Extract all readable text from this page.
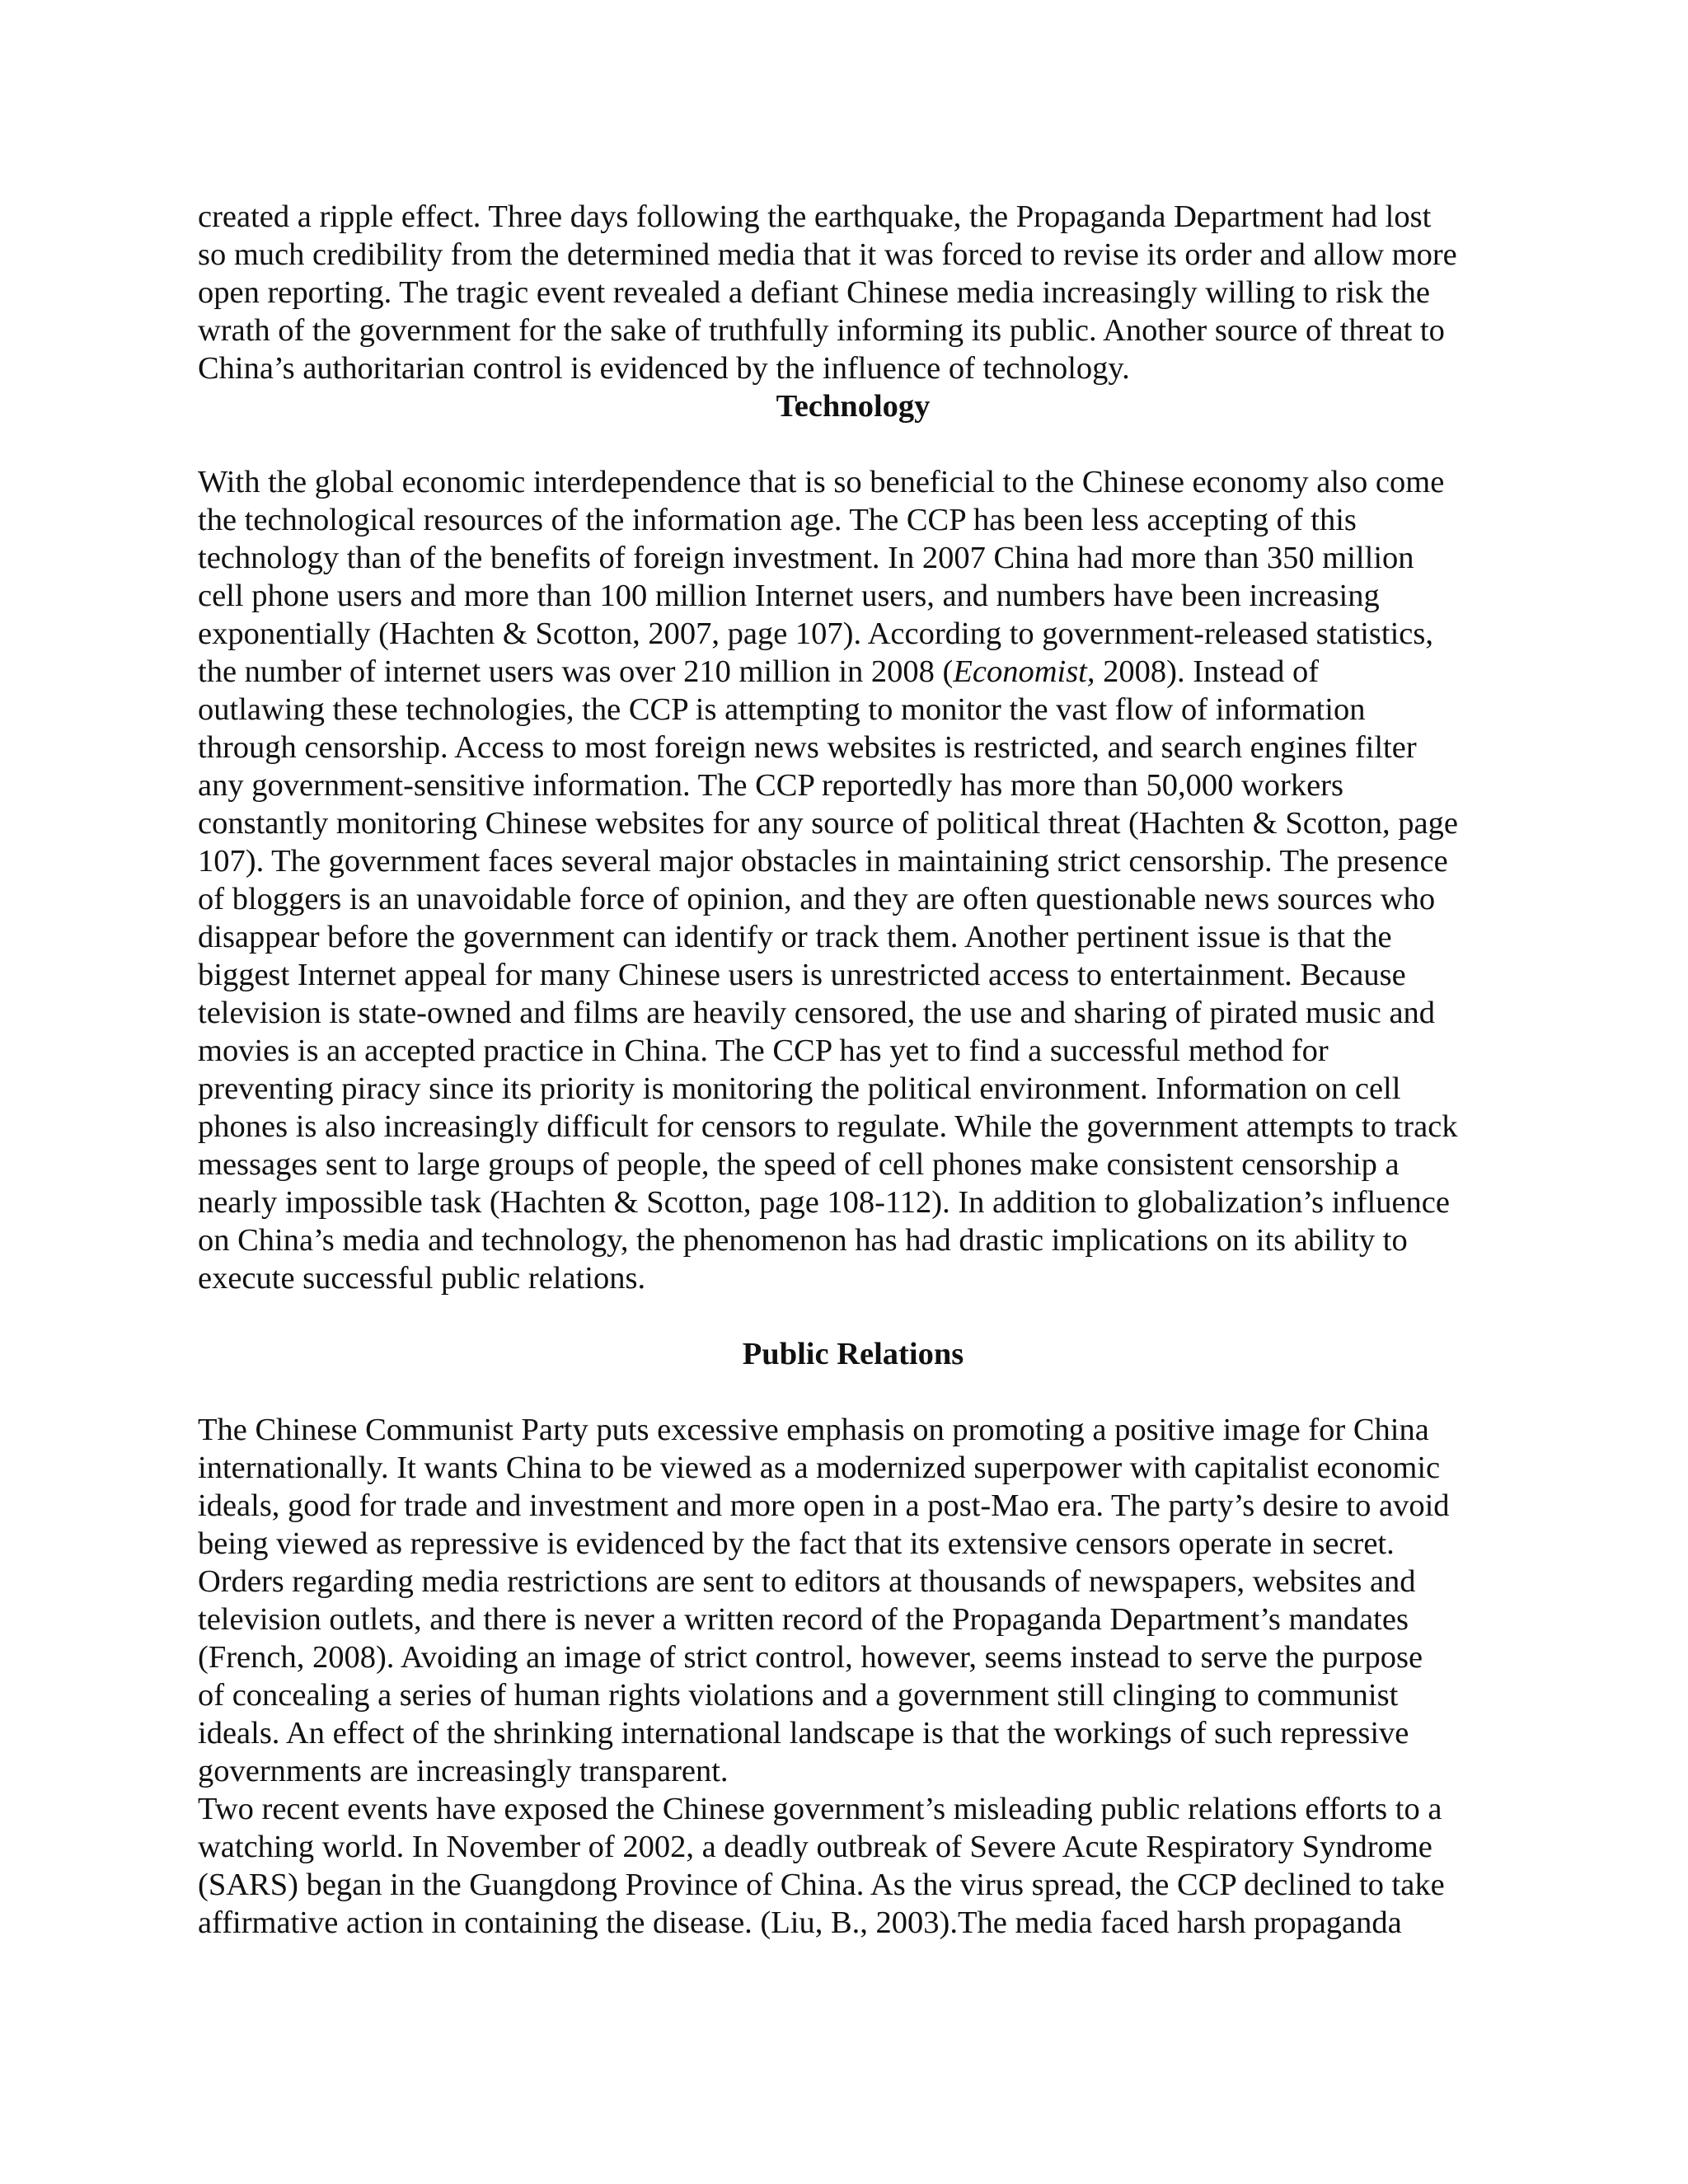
created a ripple effect. Three days following the earthquake, the Propaganda Department had lost
so much credibility from the determined media that it was forced to revise its order and allow more
open reporting. The tragic event revealed a defiant Chinese media increasingly willing to risk the
wrath of the government for the sake of truthfully informing its public. Another source of threat to
China’s authoritarian control is evidenced by the influence of technology.

Technology

With the global economic interdependence that is so beneficial to the Chinese economy also come
the technological resources of the information age. The CCP has been less accepting of this
technology than of the benefits of foreign investment. In 2007 China had more than 350 million
cell phone users and more than 100 million Internet users, and numbers have been increasing
exponentially (Hachten & Scotton, 2007, page 107). According to government-released statistics,
the number of internet users was over 210 million in 2008 (Economist, 2008). Instead of
outlawing these technologies, the CCP is attempting to monitor the vast flow of information
through censorship. Access to most foreign news websites is restricted, and search engines filter
any government-sensitive information. The CCP reportedly has more than 50,000 workers
constantly monitoring Chinese websites for any source of political threat (Hachten & Scotton, page
107). The government faces several major obstacles in maintaining strict censorship. The presence
of bloggers is an unavoidable force of opinion, and they are often questionable news sources who
disappear before the government can identify or track them. Another pertinent issue is that the
biggest Internet appeal for many Chinese users is unrestricted access to entertainment. Because
television is state-owned and films are heavily censored, the use and sharing of pirated music and
movies is an accepted practice in China. The CCP has yet to find a successful method for
preventing piracy since its priority is monitoring the political environment. Information on cell
phones is also increasingly difficult for censors to regulate. While the government attempts to track
messages sent to large groups of people, the speed of cell phones make consistent censorship a
nearly impossible task (Hachten & Scotton, page 108-112). In addition to globalization’s influence
on China’s media and technology, the phenomenon has had drastic implications on its ability to
execute successful public relations.

Public Relations

The Chinese Communist Party puts excessive emphasis on promoting a positive image for China
internationally. It wants China to be viewed as a modernized superpower with capitalist economic
ideals, good for trade and investment and more open in a post-Mao era. The party’s desire to avoid
being viewed as repressive is evidenced by the fact that its extensive censors operate in secret.
Orders regarding media restrictions are sent to editors at thousands of newspapers, websites and
television outlets, and there is never a written record of the Propaganda Department’s mandates
(French, 2008). Avoiding an image of strict control, however, seems instead to serve the purpose
of concealing a series of human rights violations and a government still clinging to communist
ideals. An effect of the shrinking international landscape is that the workings of such repressive
governments are increasingly transparent.

Two recent events have exposed the Chinese government’s misleading public relations efforts to a
watching world. In November of 2002, a deadly outbreak of Severe Acute Respiratory Syndrome
(SARS) began in the Guangdong Province of China. As the virus spread, the CCP declined to take
affirmative action in containing the disease. (Liu, B., 2003).The media faced harsh propaganda
